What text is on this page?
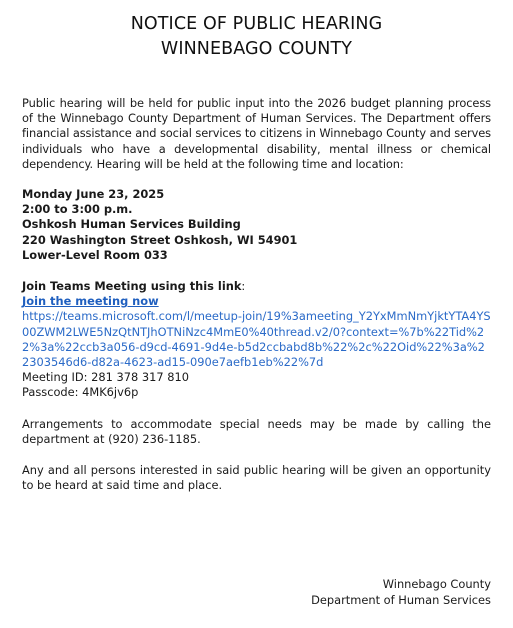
NOTICE OF PUBLIC HEARING
WINNEBAGO COUNTY
Public hearing will be held for public input into the 2026 budget planning process of the Winnebago County Department of Human Services. The Department offers financial assistance and social services to citizens in Winnebago County and serves individuals who have a developmental disability, mental illness or chemical dependency. Hearing will be held at the following time and location:
Monday June 23, 2025
2:00 to 3:00 p.m.
Oshkosh Human Services Building
220 Washington Street Oshkosh, WI 54901
Lower-Level Room 033
Join Teams Meeting using this link:
Join the meeting now
https://teams.microsoft.com/l/meetup-join/19%3ameeting_Y2YxMmNmYjktYTA4YS00ZWM2LWE5NzQtNTJhOTNiNzc4MmE0%40thread.v2/0?context=%7b%22Tid%22%3a%22ccb3a056-d9cd-4691-9d4e-b5d2ccbabd8b%22%2c%22Oid%22%3a%22303546d6-d82a-4623-ad15-090e7aefb1eb%22%7d
Meeting ID: 281 378 317 810
Passcode: 4MK6jv6p
Arrangements to accommodate special needs may be made by calling the department at (920) 236-1185.
Any and all persons interested in said public hearing will be given an opportunity to be heard at said time and place.
Winnebago County
Department of Human Services
